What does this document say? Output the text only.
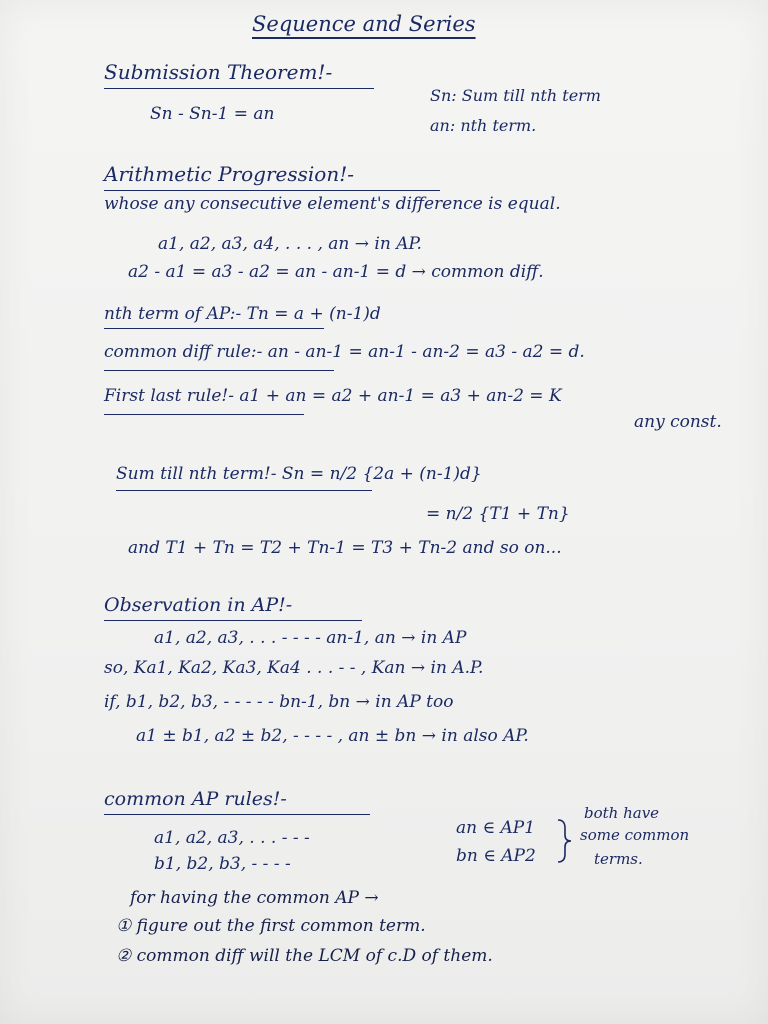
Sequence and Series
Submission Theorem!-
Sn - Sn-1 = an
Sn: Sum till nth term
an: nth term.
Arithmetic Progression!-
whose any consecutive element's difference is equal.
a1, a2, a3, a4, . . . , an → in AP.
a2 - a1 = a3 - a2 = an - an-1 = d → common diff.
nth term of AP:- Tn = a + (n-1)d
common diff rule:- an - an-1 = an-1 - an-2 = a3 - a2 = d.
First last rule!- a1 + an = a2 + an-1 = a3 + an-2 = K
any const.
Sum till nth term!- Sn = n/2 {2a + (n-1)d}
= n/2 {T1 + Tn}
and T1 + Tn = T2 + Tn-1 = T3 + Tn-2 and so on...
Observation in AP!-
a1, a2, a3, . . . - - - - an-1, an → in AP
so, Ka1, Ka2, Ka3, Ka4 . . . - - , Kan → in A.P.
if, b1, b2, b3, - - - - - bn-1, bn → in AP too
a1 ± b1, a2 ± b2, - - - - , an ± bn → in also AP.
common AP rules!-
a1, a2, a3, . . . - - -	an ∈ AP1
b1, b2, b3, - - - -	bn ∈ AP2
both have
some common
terms.
for having the common AP →
① figure out the first common term.
② common diff will the LCM of c.D of them.
